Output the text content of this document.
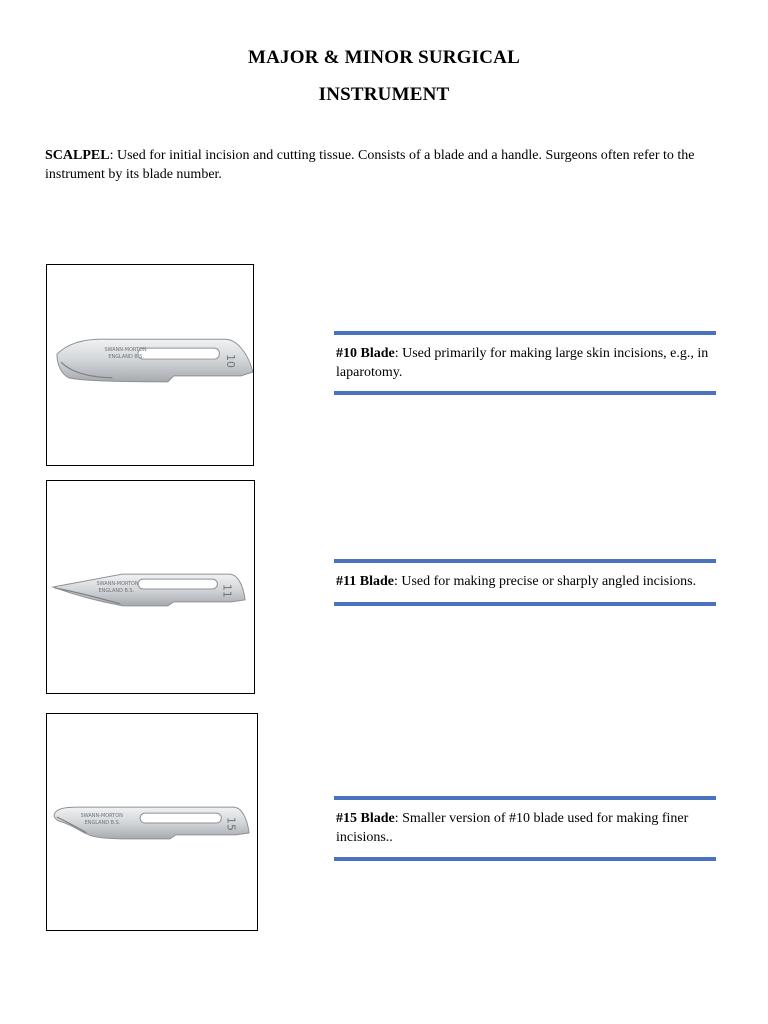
MAJOR & MINOR SURGICAL
INSTRUMENT
SCALPEL: Used for initial incision and cutting tissue. Consists of a blade and a handle. Surgeons often refer to the instrument by its blade number.
SWANN-MORTON
ENGLAND B.S.	10
#10 Blade: Used primarily for making large skin incisions, e.g., in laparotomy.
SWANN-MORTON
ENGLAND B.S.	11
#11 Blade: Used for making precise or sharply angled incisions.
SWANN-MORTON
ENGLAND B.S.	15	#15 Blade: Smaller version of #10 blade used for making finer incisions..
